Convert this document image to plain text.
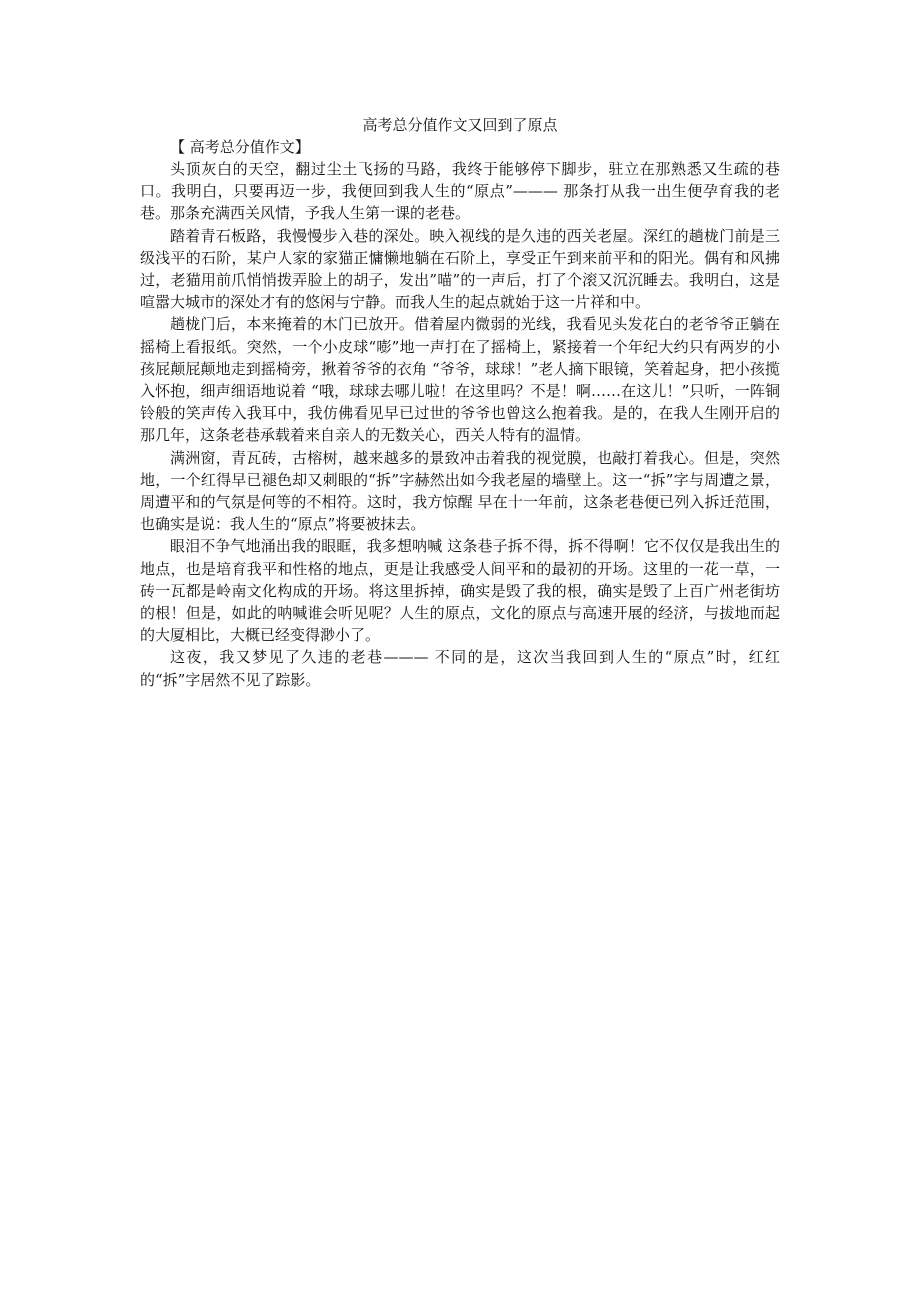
高考总分值作文又回到了原点

【 高考总分值作文】

头顶灰白的天空，翻过尘土飞扬的马路，我终于能够停下脚步，驻立在那熟悉又生疏的巷口。我明白，只要再迈一步，我便回到我人生的“原点”——— 那条打从我一出生便孕育我的老巷。那条充满西关风情，予我人生第一课的老巷。

踏着青石板路，我慢慢步入巷的深处。映入视线的是久违的西关老屋。深红的趟栊门前是三级浅平的石阶，某户人家的家猫正慵懒地躺在石阶上，享受正午到来前平和的阳光。偶有和风拂过，老猫用前爪悄悄拨弄脸上的胡子，发出”喵”的一声后，打了个滚又沉沉睡去。我明白，这是喧嚣大城市的深处才有的悠闲与宁静。而我人生的起点就始于这一片祥和中。

趟栊门后，本来掩着的木门已放开。借着屋内微弱的光线，我看见头发花白的老爷爷正躺在摇椅上看报纸。突然，一个小皮球“嘭”地一声打在了摇椅上，紧接着一个年纪大约只有两岁的小孩屁颠屁颠地走到摇椅旁，揪着爷爷的衣角 “爷爷，球球！”老人摘下眼镜，笑着起身，把小孩揽入怀抱，细声细语地说着 “哦，球球去哪儿啦！在这里吗？不是！啊……在这儿！”只听，一阵铜铃般的笑声传入我耳中，我仿佛看见早已过世的爷爷也曾这么抱着我。是的，在我人生刚开启的那几年，这条老巷承载着来自亲人的无数关心，西关人特有的温情。

满洲窗，青瓦砖，古榕树，越来越多的景致冲击着我的视觉膜，也敲打着我心。但是，突然地，一个红得早已褪色却又刺眼的“拆”字赫然出如今我老屋的墙壁上。这一“拆”字与周遭之景，周遭平和的气氛是何等的不相符。这时，我方惊醒 早在十一年前，这条老巷便已列入拆迁范围，也确实是说：我人生的“原点”将要被抹去。

眼泪不争气地涌出我的眼眶，我多想呐喊 这条巷子拆不得，拆不得啊！它不仅仅是我出生的地点，也是培育我平和性格的地点，更是让我感受人间平和的最初的开场。这里的一花一草，一砖一瓦都是岭南文化构成的开场。将这里拆掉，确实是毁了我的根，确实是毁了上百广州老街坊的根！但是，如此的呐喊谁会听见呢？人生的原点，文化的原点与高速开展的经济，与拔地而起的大厦相比，大概已经变得渺小了。

这夜，我又梦见了久违的老巷——— 不同的是，这次当我回到人生的“原点”时，红红的“拆”字居然不见了踪影。
